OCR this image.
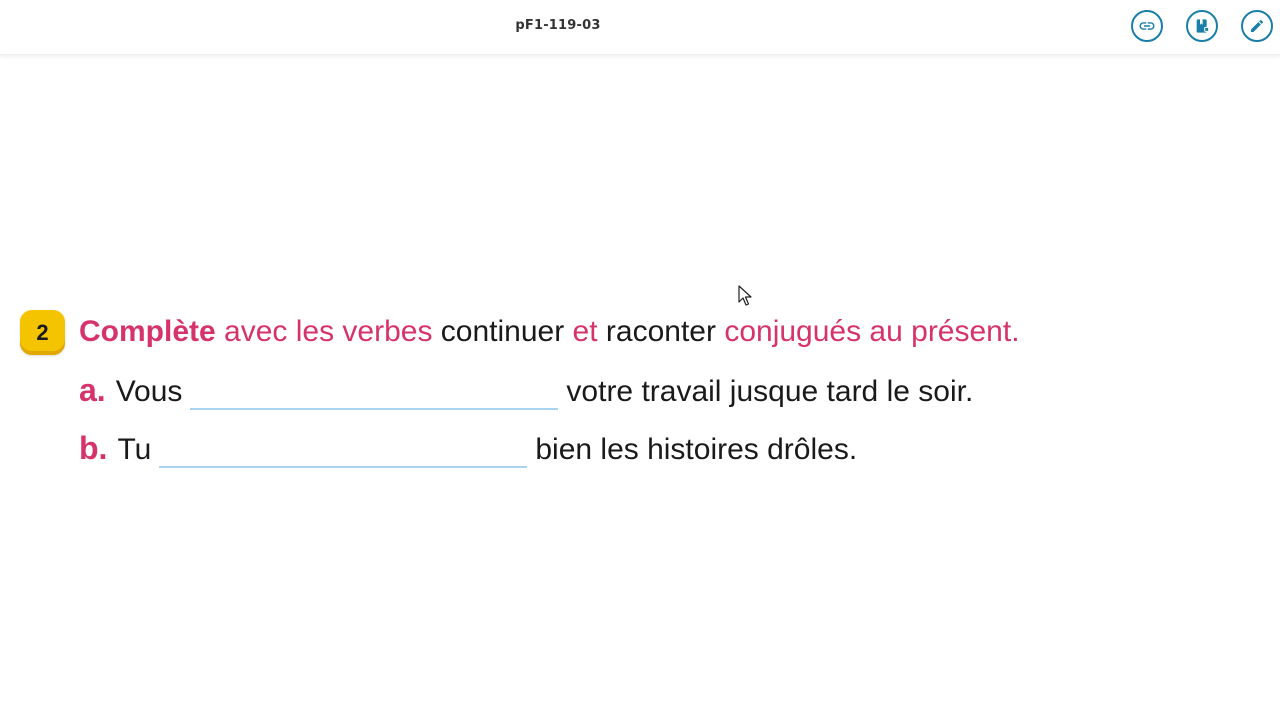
pF1-119-03
2	Complète avec les verbes continuer et raconter conjugués au présent.
a. Vous	votre travail jusque tard le soir.
b. Tu	bien les histoires drôles.
